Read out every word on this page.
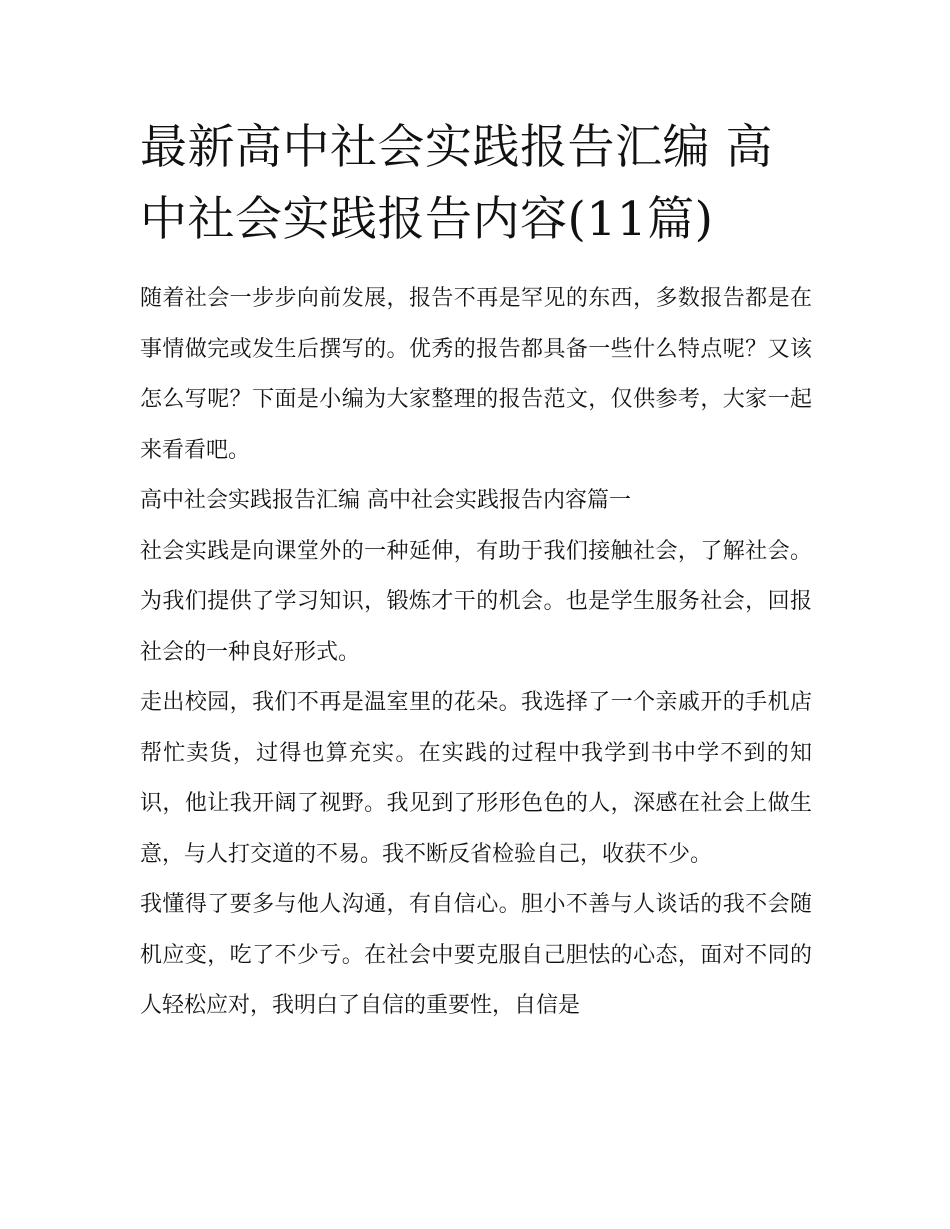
最新高中社会实践报告汇编 高中社会实践报告内容(11篇)

随着社会一步步向前发展，报告不再是罕见的东西，多数报告都是在事情做完或发生后撰写的。优秀的报告都具备一些什么特点呢？又该怎么写呢？下面是小编为大家整理的报告范文，仅供参考，大家一起来看看吧。

高中社会实践报告汇编 高中社会实践报告内容篇一

社会实践是向课堂外的一种延伸，有助于我们接触社会，了解社会。为我们提供了学习知识，锻炼才干的机会。也是学生服务社会，回报社会的一种良好形式。

走出校园，我们不再是温室里的花朵。我选择了一个亲戚开的手机店帮忙卖货，过得也算充实。在实践的过程中我学到书中学不到的知识，他让我开阔了视野。我见到了形形色色的人，深感在社会上做生意，与人打交道的不易。我不断反省检验自己，收获不少。

我懂得了要多与他人沟通，有自信心。胆小不善与人谈话的我不会随机应变，吃了不少亏。在社会中要克服自己胆怯的心态，面对不同的人轻松应对，我明白了自信的重要性，自信是
